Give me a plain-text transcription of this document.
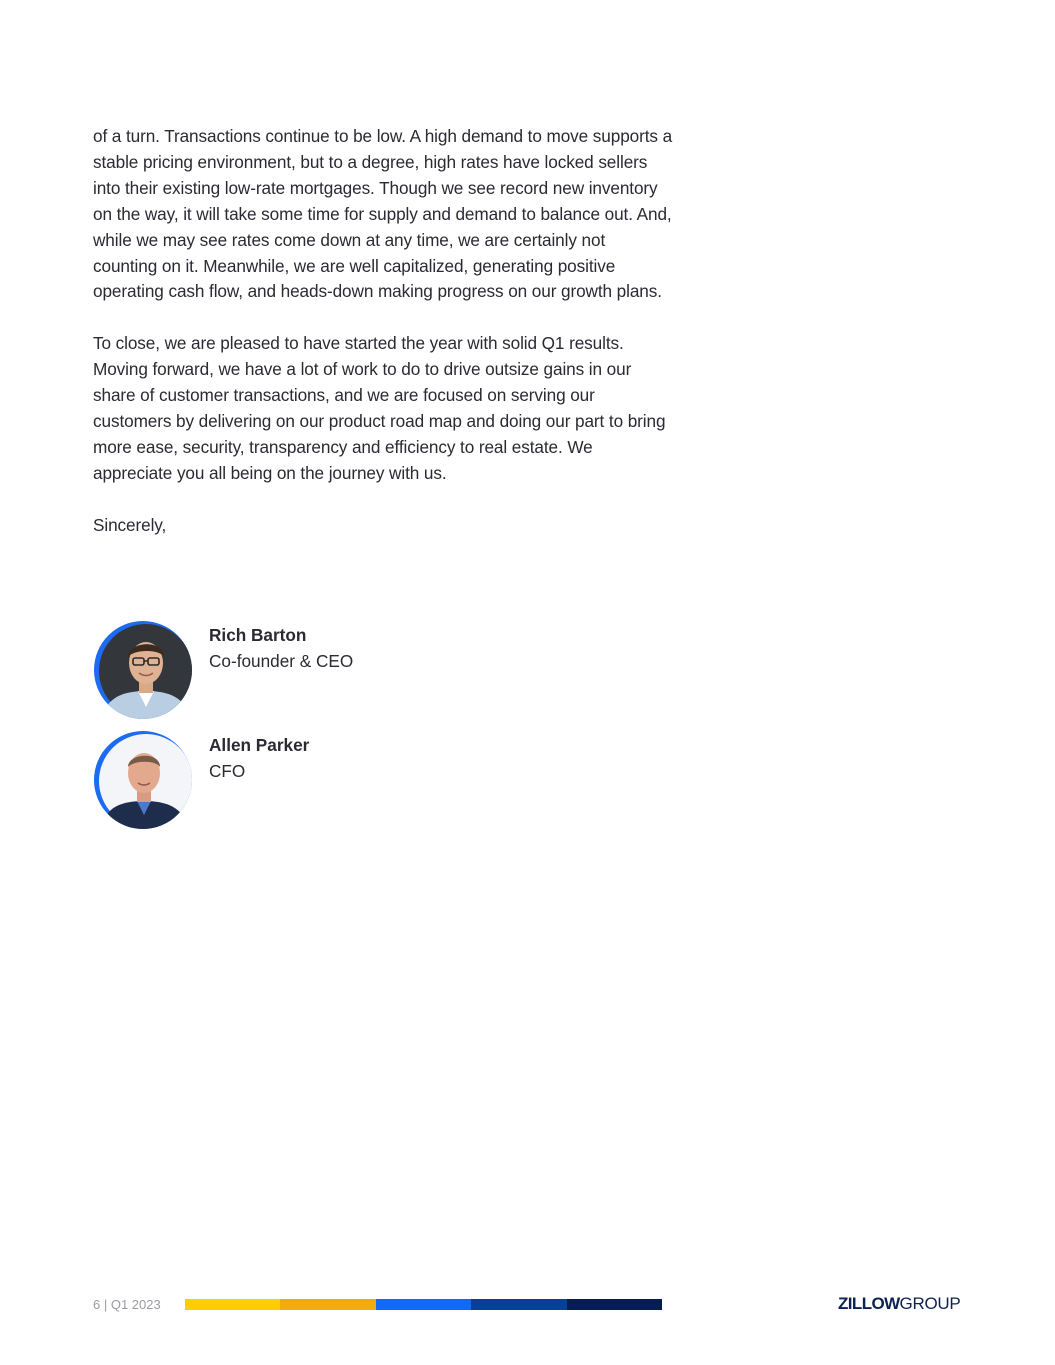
of a turn. Transactions continue to be low. A high demand to move supports a stable pricing environment, but to a degree, high rates have locked sellers into their existing low-rate mortgages. Though we see record new inventory on the way, it will take some time for supply and demand to balance out. And, while we may see rates come down at any time, we are certainly not counting on it. Meanwhile, we are well capitalized, generating positive operating cash flow, and heads-down making progress on our growth plans.

To close, we are pleased to have started the year with solid Q1 results. Moving forward, we have a lot of work to do to drive outsize gains in our share of customer transactions, and we are focused on serving our customers by delivering on our product road map and doing our part to bring more ease, security, transparency and efficiency to real estate. We appreciate you all being on the journey with us.

Sincerely,

Rich Barton
Co-founder & CEO
Allen Parker
CFO
6 | Q1 2023	ZILLOWGROUP
